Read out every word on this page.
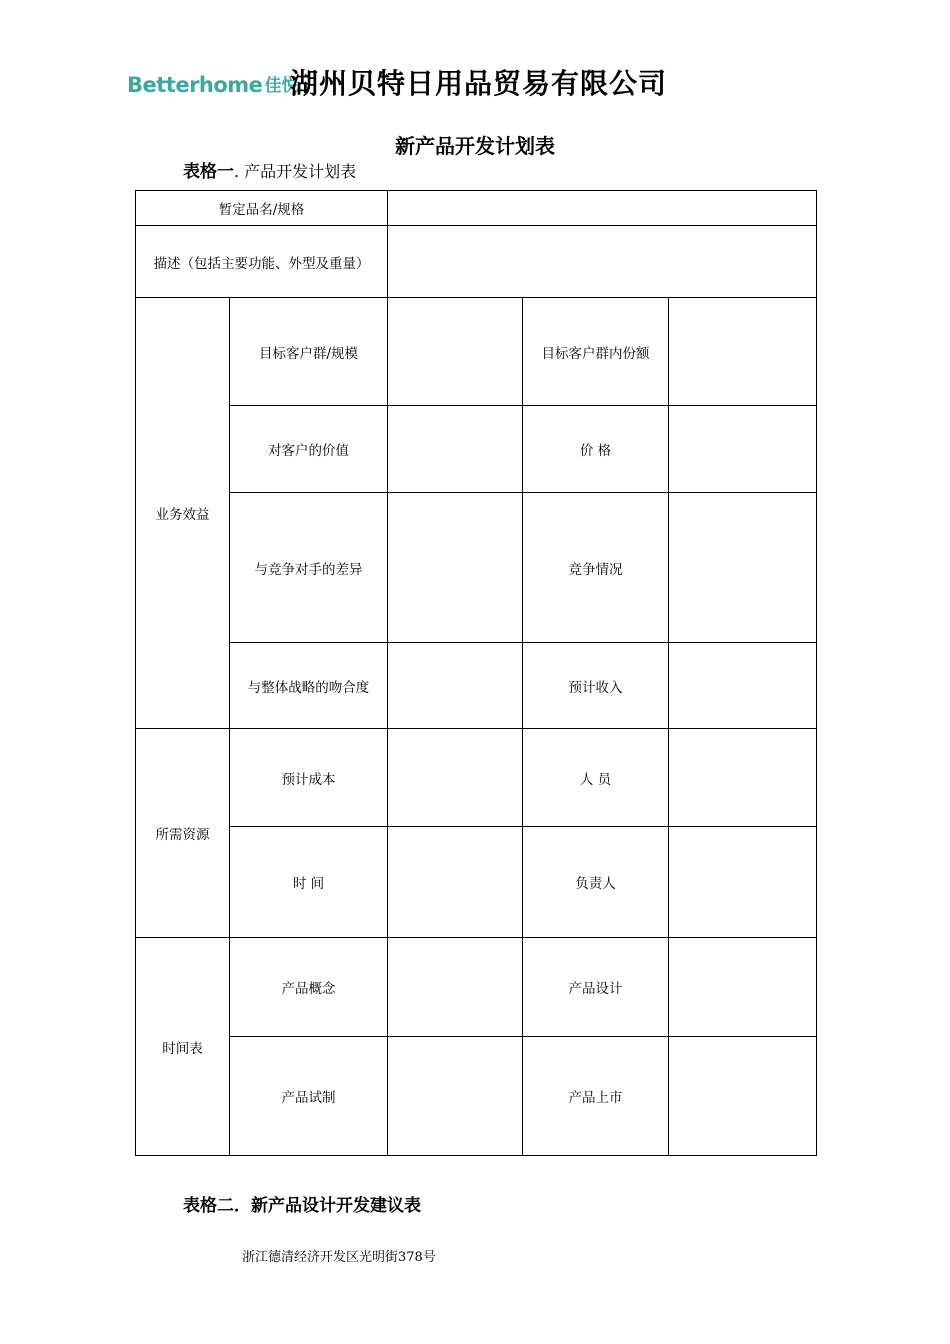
Betterhome 佳悦
湖州贝特日用品贸易有限公司
新产品开发计划表
表格一. 产品开发计划表
暂定品名/规格				
描述（包括主要功能、外型及重量）				
业务效益	目标客户群/规模		目标客户群内份额	
	对客户的价值		价 格	
	与竞争对手的差异		竞争情况	
	与整体战略的吻合度		预计收入	
所需资源	预计成本		人 员	
	时 间		负责人	
时间表	产品概念		产品设计	
	产品试制		产品上市	
表格二．新产品设计开发建议表
浙江德清经济开发区光明街378号
